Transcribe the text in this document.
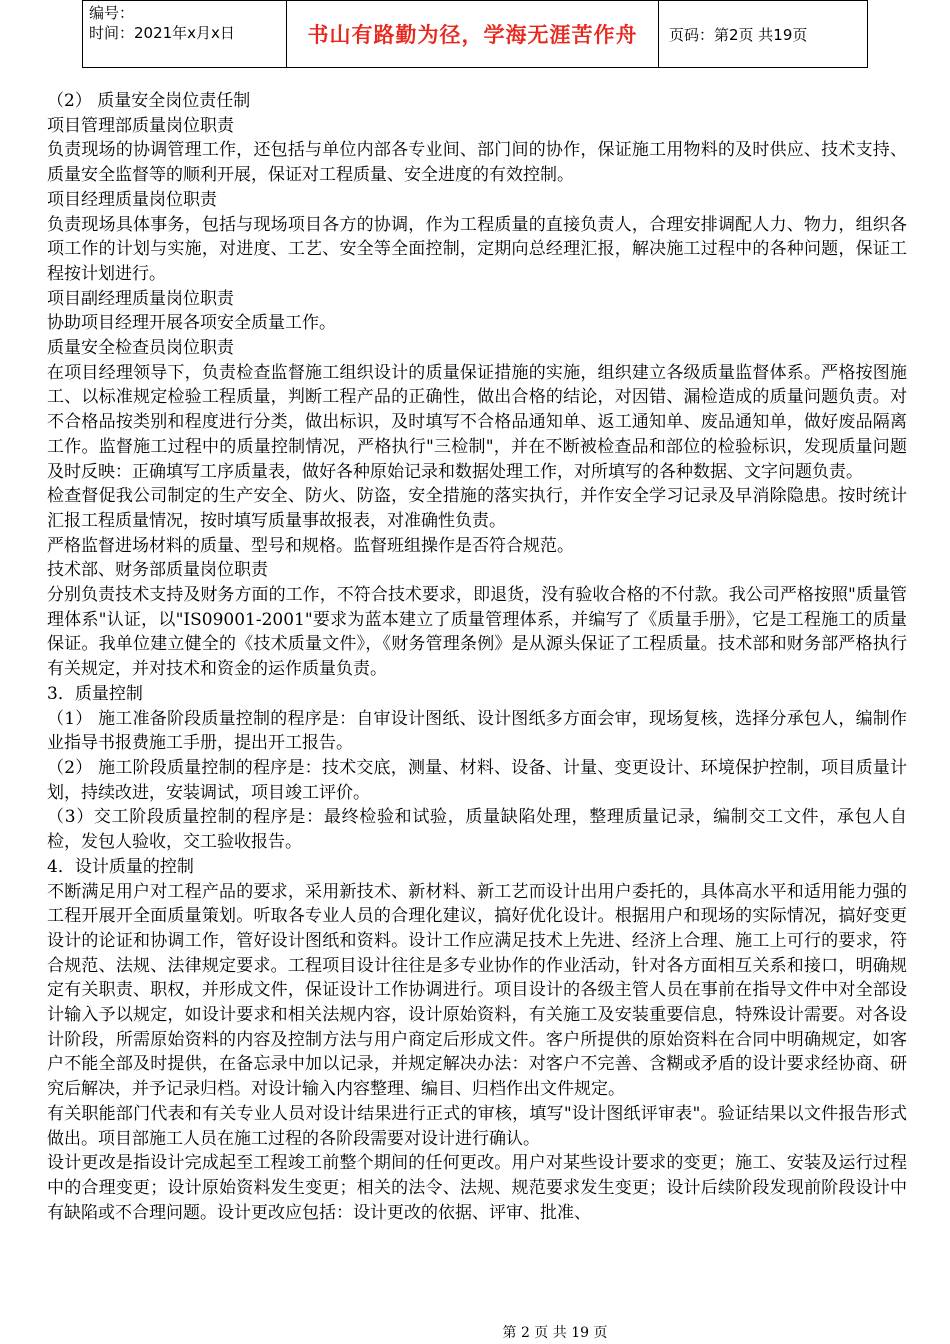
编号：
时间：2021年x月x日	书山有路勤为径，学海无涯苦作舟	页码：第2页 共19页

（2） 质量安全岗位责任制

项目管理部质量岗位职责

负责现场的协调管理工作，还包括与单位内部各专业间、部门间的协作，保证施工用物料的及时供应、技术支持、质量安全监督等的顺利开展，保证对工程质量、安全进度的有效控制。

项目经理质量岗位职责

负责现场具体事务，包括与现场项目各方的协调，作为工程质量的直接负责人，合理安排调配人力、物力，组织各项工作的计划与实施，对进度、工艺、安全等全面控制，定期向总经理汇报，解决施工过程中的各种问题，保证工程按计划进行。

项目副经理质量岗位职责

协助项目经理开展各项安全质量工作。

质量安全检查员岗位职责

在项目经理领导下，负责检查监督施工组织设计的质量保证措施的实施，组织建立各级质量监督体系。严格按图施工、以标准规定检验工程质量，判断工程产品的正确性，做出合格的结论，对因错、漏检造成的质量问题负责。对不合格品按类别和程度进行分类，做出标识，及时填写不合格品通知单、返工通知单、废品通知单，做好废品隔离工作。监督施工过程中的质量控制情况，严格执行"三检制"，并在不断被检查品和部位的检验标识，发现质量问题及时反映：正确填写工序质量表，做好各种原始记录和数据处理工作，对所填写的各种数据、文字问题负责。

检查督促我公司制定的生产安全、防火、防盗，安全措施的落实执行，并作安全学习记录及早消除隐患。按时统计汇报工程质量情况，按时填写质量事故报表，对准确性负责。

严格监督进场材料的质量、型号和规格。监督班组操作是否符合规范。

技术部、财务部质量岗位职责

分别负责技术支持及财务方面的工作，不符合技术要求，即退货，没有验收合格的不付款。我公司严格按照"质量管理体系"认证，以"IS09001-2001"要求为蓝本建立了质量管理体系，并编写了《质量手册》，它是工程施工的质量保证。我单位建立健全的《技术质量文件》，《财务管理条例》是从源头保证了工程质量。技术部和财务部严格执行有关规定，并对技术和资金的运作质量负责。

3．质量控制

（1） 施工准备阶段质量控制的程序是：自审设计图纸、设计图纸多方面会审，现场复核，选择分承包人，编制作业指导书报费施工手册，提出开工报告。

（2） 施工阶段质量控制的程序是：技术交底，测量、材料、设备、计量、变更设计、环境保护控制，项目质量计划，持续改进，安装调试，项目竣工评价。

（3）交工阶段质量控制的程序是：最终检验和试验，质量缺陷处理，整理质量记录，编制交工文件，承包人自检，发包人验收，交工验收报告。

4．设计质量的控制

不断满足用户对工程产品的要求，采用新技术、新材料、新工艺而设计出用户委托的，具体高水平和适用能力强的工程开展开全面质量策划。听取各专业人员的合理化建议，搞好优化设计。根据用户和现场的实际情况，搞好变更设计的论证和协调工作，管好设计图纸和资料。设计工作应满足技术上先进、经济上合理、施工上可行的要求，符合规范、法规、法律规定要求。工程项目设计往往是多专业协作的作业活动，针对各方面相互关系和接口，明确规定有关职责、职权，并形成文件，保证设计工作协调进行。项目设计的各级主管人员在事前在指导文件中对全部设计输入予以规定，如设计要求和相关法规内容，设计原始资料，有关施工及安装重要信息，特殊设计需要。对各设计阶段，所需原始资料的内容及控制方法与用户商定后形成文件。客户所提供的原始资料在合同中明确规定，如客户不能全部及时提供，在备忘录中加以记录，并规定解决办法：对客户不完善、含糊或矛盾的设计要求经协商、研究后解决，并予记录归档。对设计输入内容整理、编目、归档作出文件规定。

有关职能部门代表和有关专业人员对设计结果进行正式的审核，填写"设计图纸评审表"。验证结果以文件报告形式做出。项目部施工人员在施工过程的各阶段需要对设计进行确认。

设计更改是指设计完成起至工程竣工前整个期间的任何更改。用户对某些设计要求的变更；施工、安装及运行过程中的合理变更；设计原始资料发生变更；相关的法令、法规、规范要求发生变更；设计后续阶段发现前阶段设计中有缺陷或不合理问题。设计更改应包括：设计更改的依据、评审、批准、

第 2 页 共 19 页
